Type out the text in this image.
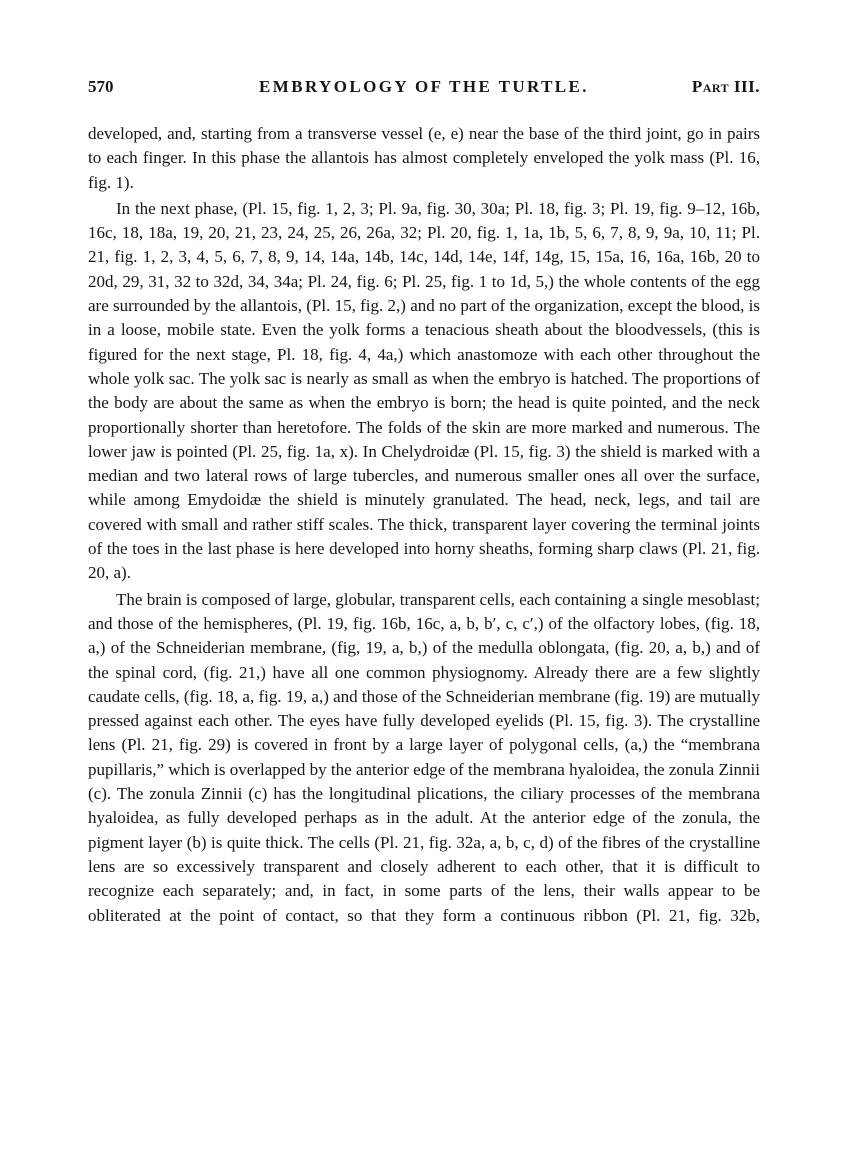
570	EMBRYOLOGY OF THE TURTLE.	Part III.

developed, and, starting from a transverse vessel (e, e) near the base of the third joint, go in pairs to each finger. In this phase the allantois has almost completely enveloped the yolk mass (Pl. 16, fig. 1).

In the next phase, (Pl. 15, fig. 1, 2, 3; Pl. 9a, fig. 30, 30a; Pl. 18, fig. 3; Pl. 19, fig. 9–12, 16b, 16c, 18, 18a, 19, 20, 21, 23, 24, 25, 26, 26a, 32; Pl. 20, fig. 1, 1a, 1b, 5, 6, 7, 8, 9, 9a, 10, 11; Pl. 21, fig. 1, 2, 3, 4, 5, 6, 7, 8, 9, 14, 14a, 14b, 14c, 14d, 14e, 14f, 14g, 15, 15a, 16, 16a, 16b, 20 to 20d, 29, 31, 32 to 32d, 34, 34a; Pl. 24, fig. 6; Pl. 25, fig. 1 to 1d, 5,) the whole contents of the egg are surrounded by the allantois, (Pl. 15, fig. 2,) and no part of the organization, except the blood, is in a loose, mobile state. Even the yolk forms a tenacious sheath about the bloodvessels, (this is figured for the next stage, Pl. 18, fig. 4, 4a,) which anastomoze with each other throughout the whole yolk sac. The yolk sac is nearly as small as when the embryo is hatched. The proportions of the body are about the same as when the embryo is born; the head is quite pointed, and the neck proportionally shorter than heretofore. The folds of the skin are more marked and numerous. The lower jaw is pointed (Pl. 25, fig. 1a, x). In Chelydroidæ (Pl. 15, fig. 3) the shield is marked with a median and two lateral rows of large tubercles, and numerous smaller ones all over the surface, while among Emydoidæ the shield is minutely granulated. The head, neck, legs, and tail are covered with small and rather stiff scales. The thick, transparent layer covering the terminal joints of the toes in the last phase is here developed into horny sheaths, forming sharp claws (Pl. 21, fig. 20, a).

The brain is composed of large, globular, transparent cells, each containing a single mesoblast; and those of the hemispheres, (Pl. 19, fig. 16b, 16c, a, b, b′, c, c′,) of the olfactory lobes, (fig. 18, a,) of the Schneiderian membrane, (fig, 19, a, b,) of the medulla oblongata, (fig. 20, a, b,) and of the spinal cord, (fig. 21,) have all one common physiognomy. Already there are a few slightly caudate cells, (fig. 18, a, fig. 19, a,) and those of the Schneiderian membrane (fig. 19) are mutually pressed against each other. The eyes have fully developed eyelids (Pl. 15, fig. 3). The crystalline lens (Pl. 21, fig. 29) is covered in front by a large layer of polygonal cells, (a,) the “membrana pupillaris,” which is overlapped by the anterior edge of the membrana hyaloidea, the zonula Zinnii (c). The zonula Zinnii (c) has the longitudinal plications, the ciliary processes of the membrana hyaloidea, as fully developed perhaps as in the adult. At the anterior edge of the zonula, the pigment layer (b) is quite thick. The cells (Pl. 21, fig. 32a, a, b, c, d) of the fibres of the crystalline lens are so excessively transparent and closely adherent to each other, that it is difficult to recognize each separately; and, in fact, in some parts of the lens, their walls appear to be obliterated at the point of contact, so that they form a continuous ribbon (Pl. 21, fig. 32b,
